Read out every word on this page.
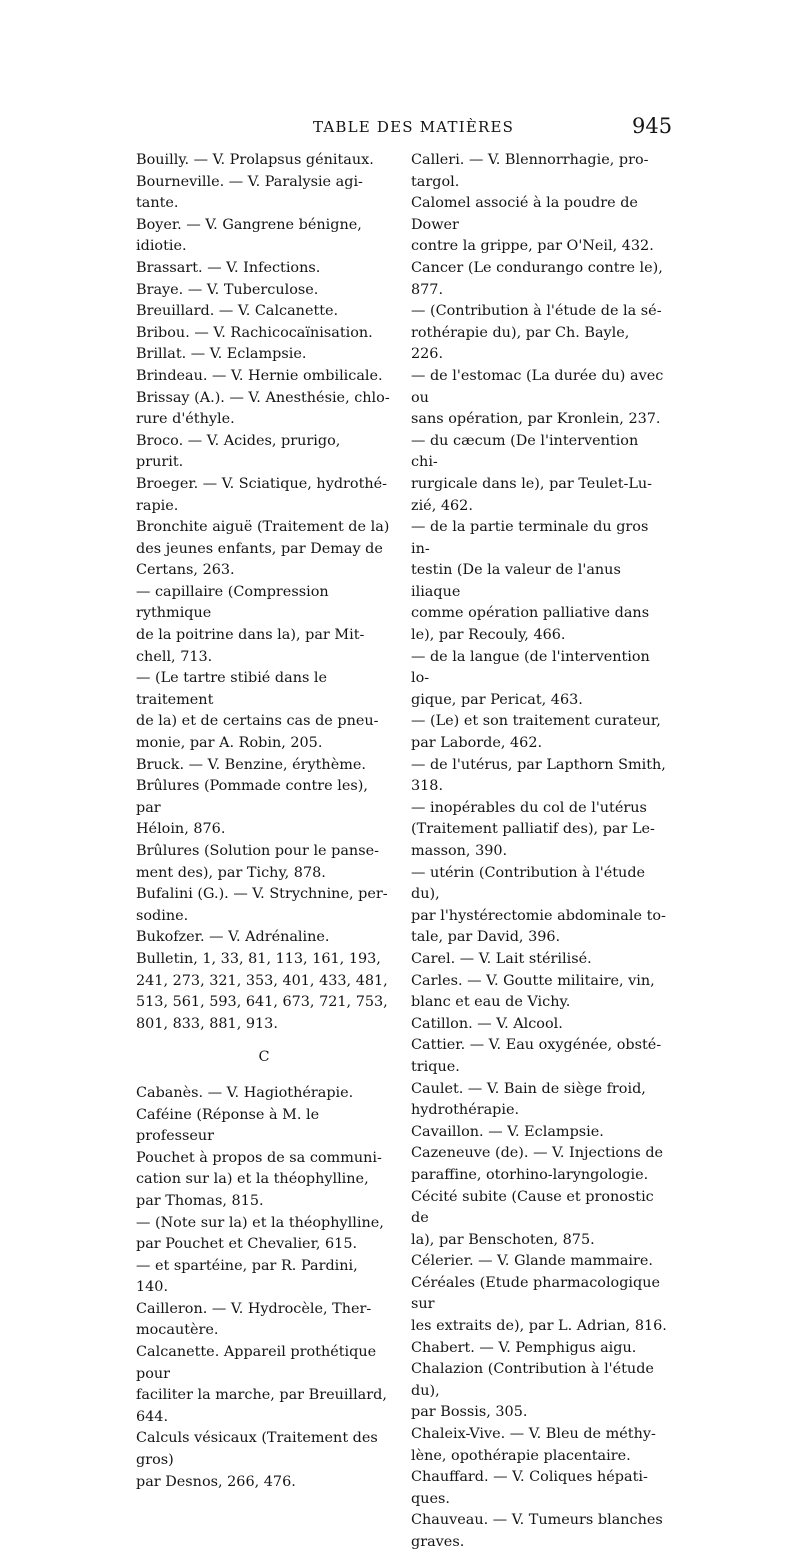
TABLE DES MATIÈRES	945
Bouilly. — V. Prolapsus génitaux.
Bourneville. — V. Paralysie agi-
tante.
Boyer. — V. Gangrene bénigne,
idiotie.
Brassart. — V. Infections.
Braye. — V. Tuberculose.
Breuillard. — V. Calcanette.
Bribou. — V. Rachicocaïnisation.
Brillat. — V. Eclampsie.
Brindeau. — V. Hernie ombilicale.
Brissay (A.). — V. Anesthésie, chlo-
rure d'éthyle.
Broco. — V. Acides, prurigo, prurit.
Broeger. — V. Sciatique, hydrothé-
rapie.
Bronchite aiguë (Traitement de la)
des jeunes enfants, par Demay de
Certans, 263.
— capillaire (Compression rythmique
de la poitrine dans la), par Mit-
chell, 713.
— (Le tartre stibié dans le traitement
de la) et de certains cas de pneu-
monie, par A. Robin, 205.
Bruck. — V. Benzine, érythème.
Brûlures (Pommade contre les), par
Héloin, 876.
Brûlures (Solution pour le panse-
ment des), par Tichy, 878.
Bufalini (G.). — V. Strychnine, per-
sodine.
Bukofzer. — V. Adrénaline.
Bulletin, 1, 33, 81, 113, 161, 193,
241, 273, 321, 353, 401, 433, 481,
513, 561, 593, 641, 673, 721, 753,
801, 833, 881, 913.
C
Cabanès. — V. Hagiothérapie.
Caféine (Réponse à M. le professeur
Pouchet à propos de sa communi-
cation sur la) et la théophylline,
par Thomas, 815.
— (Note sur la) et la théophylline,
par Pouchet et Chevalier, 615.
— et spartéine, par R. Pardini, 140.
Cailleron. — V. Hydrocèle, Ther-
mocautère.
Calcanette. Appareil prothétique pour
faciliter la marche, par Breuillard,
644.
Calculs vésicaux (Traitement des gros)
par Desnos, 266, 476.
Calleri. — V. Blennorrhagie, pro-
targol.
Calomel associé à la poudre de Dower
contre la grippe, par O'Neil, 432.
Cancer (Le condurango contre le),
877.
— (Contribution à l'étude de la sé-
rothérapie du), par Ch. Bayle,
226.
— de l'estomac (La durée du) avec ou
sans opération, par Kronlein, 237.
— du cæcum (De l'intervention chi-
rurgicale dans le), par Teulet-Lu-
zié, 462.
— de la partie terminale du gros in-
testin (De la valeur de l'anus iliaque
comme opération palliative dans
le), par Recouly, 466.
— de la langue (de l'intervention lo-
gique, par Pericat, 463.
— (Le) et son traitement curateur,
par Laborde, 462.
— de l'utérus, par Lapthorn Smith,
318.
— inopérables du col de l'utérus
(Traitement palliatif des), par Le-
masson, 390.
— utérin (Contribution à l'étude du),
par l'hystérectomie abdominale to-
tale, par David, 396.
Carel. — V. Lait stérilisé.
Carles. — V. Goutte militaire, vin,
blanc et eau de Vichy.
Catillon. — V. Alcool.
Cattier. — V. Eau oxygénée, obsté-
trique.
Caulet. — V. Bain de siège froid,
hydrothérapie.
Cavaillon. — V. Eclampsie.
Cazeneuve (de). — V. Injections de
paraffine, otorhino-laryngologie.
Cécité subite (Cause et pronostic de
la), par Benschoten, 875.
Célerier. — V. Glande mammaire.
Céréales (Etude pharmacologique sur
les extraits de), par L. Adrian, 816.
Chabert. — V. Pemphigus aigu.
Chalazion (Contribution à l'étude du),
par Bossis, 305.
Chaleix-Vive. — V. Bleu de méthy-
lène, opothérapie placentaire.
Chauffard. — V. Coliques hépati-
ques.
Chauveau. — V. Tumeurs blanches
graves.
